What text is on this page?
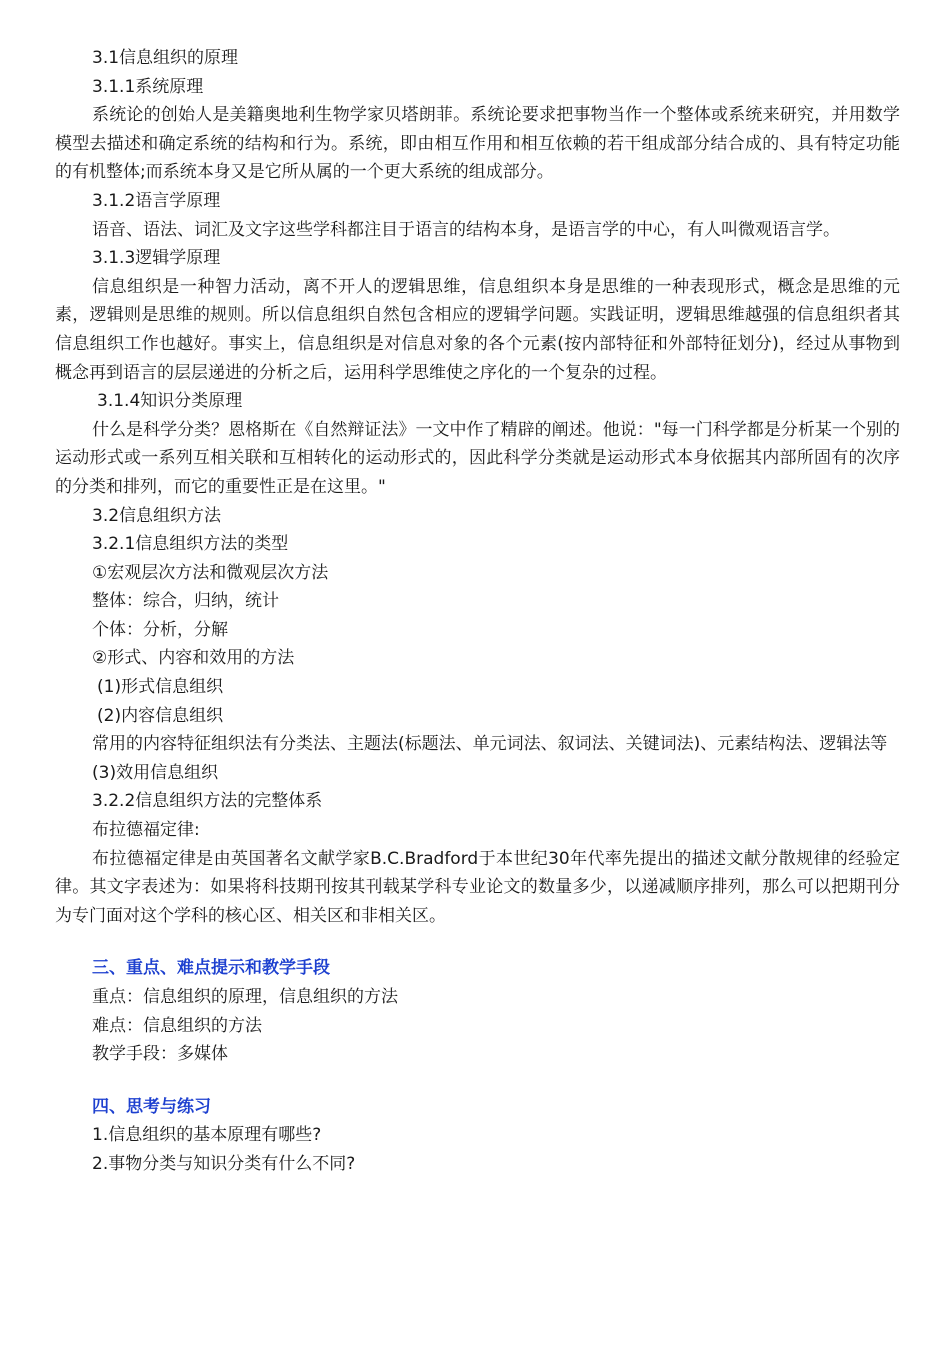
3.1信息组织的原理

3.1.1系统原理

系统论的创始人是美籍奥地利生物学家贝塔朗菲。系统论要求把事物当作一个整体或系统来研究，并用数学模型去描述和确定系统的结构和行为。系统，即由相互作用和相互依赖的若干组成部分结合成的、具有特定功能的有机整体;而系统本身又是它所从属的一个更大系统的组成部分。

3.1.2语言学原理

语音、语法、词汇及文字这些学科都注目于语言的结构本身，是语言学的中心，有人叫微观语言学。

3.1.3逻辑学原理

信息组织是一种智力活动，离不开人的逻辑思维，信息组织本身是思维的一种表现形式，概念是思维的元素，逻辑则是思维的规则。所以信息组织自然包含相应的逻辑学问题。实践证明，逻辑思维越强的信息组织者其信息组织工作也越好。事实上，信息组织是对信息对象的各个元素(按内部特征和外部特征划分)，经过从事物到概念再到语言的层层递进的分析之后，运用科学思维使之序化的一个复杂的过程。

3.1.4知识分类原理

什么是科学分类？恩格斯在《自然辩证法》一文中作了精辟的阐述。他说："每一门科学都是分析某一个别的运动形式或一系列互相关联和互相转化的运动形式的，因此科学分类就是运动形式本身依据其内部所固有的次序的分类和排列，而它的重要性正是在这里。"

3.2信息组织方法

3.2.1信息组织方法的类型

①宏观层次方法和微观层次方法

整体：综合，归纳，统计

个体：分析，分解

②形式、内容和效用的方法

(1)形式信息组织

(2)内容信息组织

常用的内容特征组织法有分类法、主题法(标题法、单元词法、叙词法、关键词法)、元素结构法、逻辑法等

(3)效用信息组织

3.2.2信息组织方法的完整体系

布拉德福定律:

布拉德福定律是由英国著名文献学家B.C.Bradford于本世纪30年代率先提出的描述文献分散规律的经验定律。其文字表述为：如果将科技期刊按其刊载某学科专业论文的数量多少，以递减顺序排列，那么可以把期刊分为专门面对这个学科的核心区、相关区和非相关区。

三、重点、难点提示和教学手段

重点：信息组织的原理，信息组织的方法

难点：信息组织的方法

教学手段：多媒体

四、思考与练习

1.信息组织的基本原理有哪些?

2.事物分类与知识分类有什么不同?
